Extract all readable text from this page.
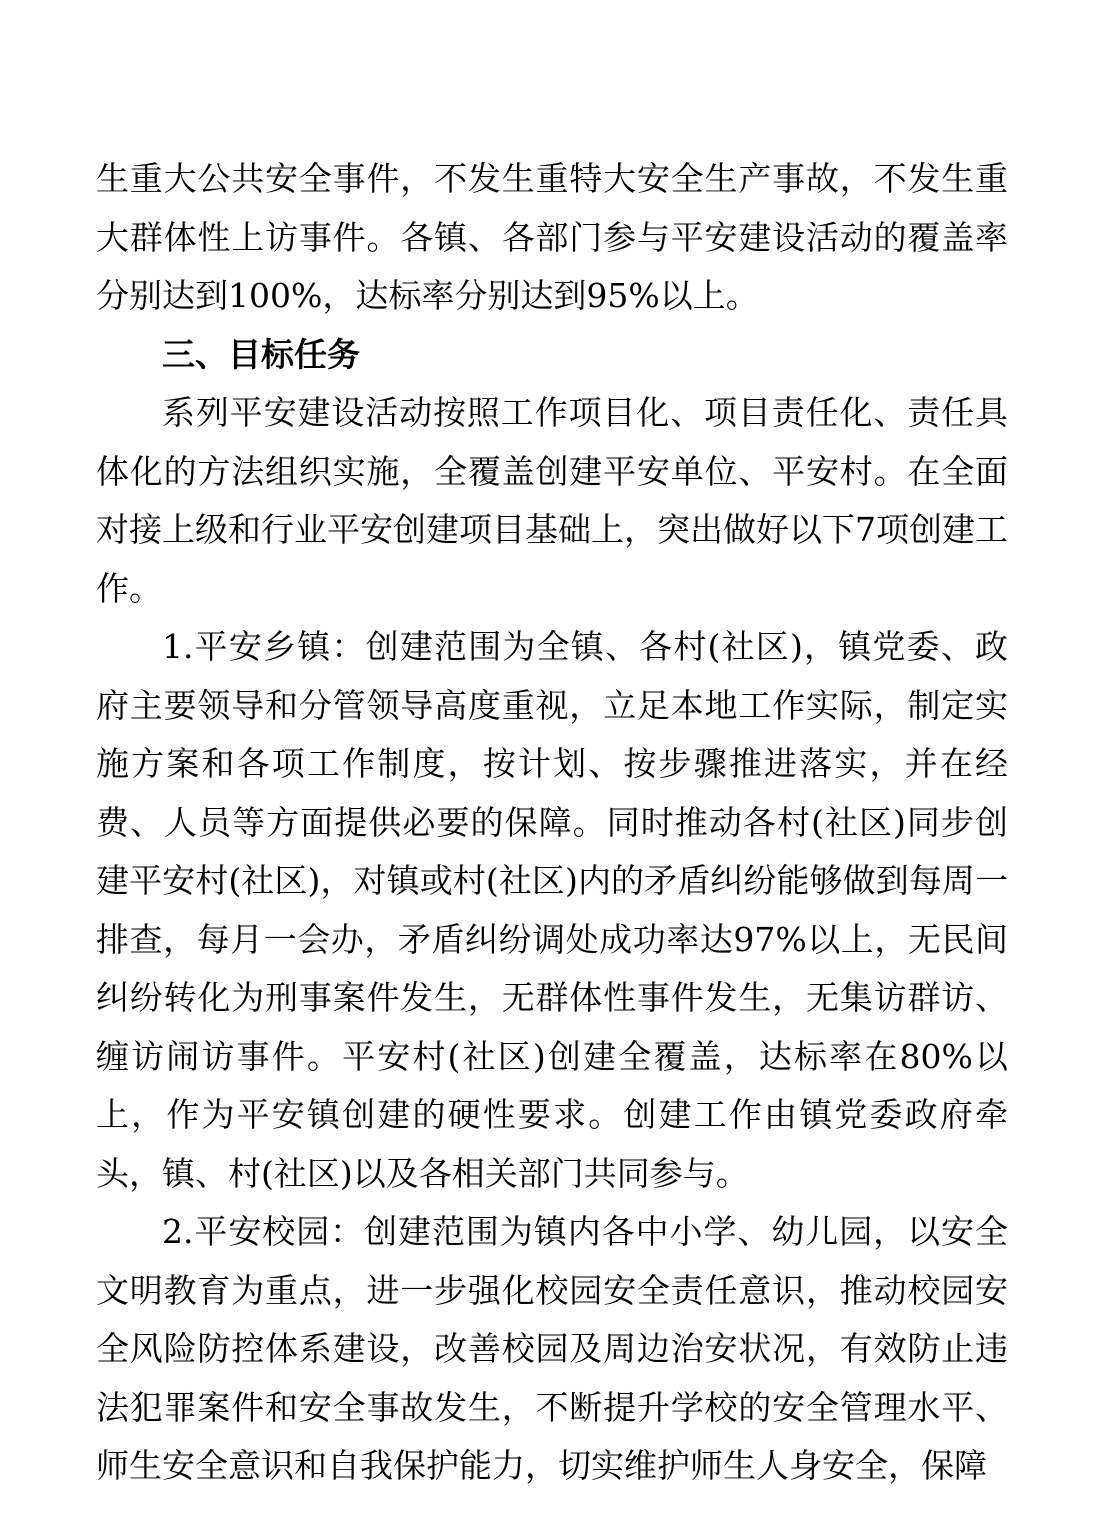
生重大公共安全事件，不发生重特大安全生产事故，不发生重大群体性上访事件。各镇、各部门参与平安建设活动的覆盖率分别达到100%，达标率分别达到95%以上。

三、目标任务

系列平安建设活动按照工作项目化、项目责任化、责任具体化的方法组织实施，全覆盖创建平安单位、平安村。在全面对接上级和行业平安创建项目基础上，突出做好以下7项创建工作。

1.平安乡镇：创建范围为全镇、各村(社区)，镇党委、政府主要领导和分管领导高度重视，立足本地工作实际，制定实施方案和各项工作制度，按计划、按步骤推进落实，并在经费、人员等方面提供必要的保障。同时推动各村(社区)同步创建平安村(社区)，对镇或村(社区)内的矛盾纠纷能够做到每周一排查，每月一会办，矛盾纠纷调处成功率达97%以上，无民间纠纷转化为刑事案件发生，无群体性事件发生，无集访群访、缠访闹访事件。平安村(社区)创建全覆盖，达标率在80%以上，作为平安镇创建的硬性要求。创建工作由镇党委政府牵头，镇、村(社区)以及各相关部门共同参与。

2.平安校园：创建范围为镇内各中小学、幼儿园，以安全文明教育为重点，进一步强化校园安全责任意识，推动校园安全风险防控体系建设，改善校园及周边治安状况，有效防止违法犯罪案件和安全事故发生，不断提升学校的安全管理水平、师生安全意识和自我保护能力，切实维护师生人身安全，保障
